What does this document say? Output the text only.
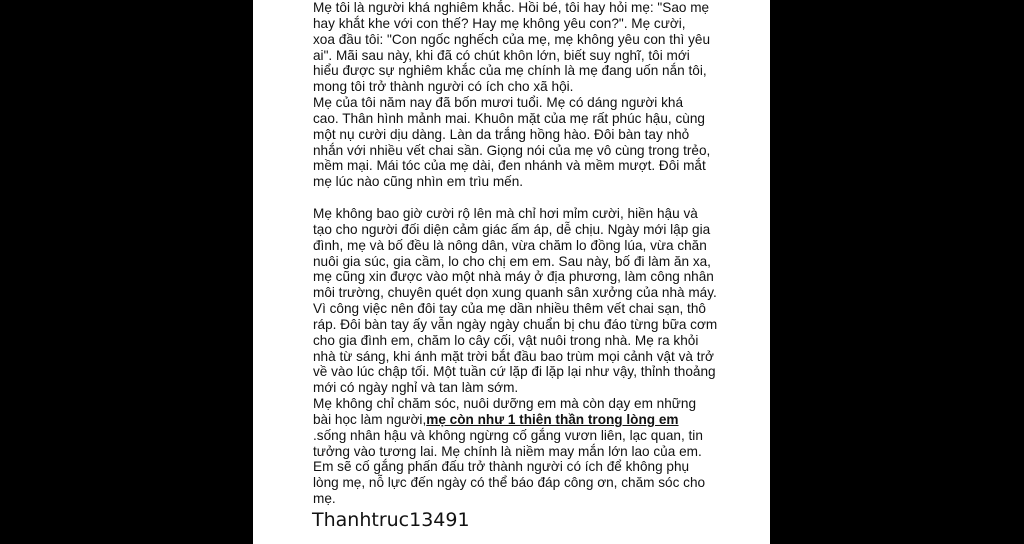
Mẹ tôi là người khá nghiêm khắc. Hồi bé, tôi hay hỏi mẹ: "Sao mẹ
hay khắt khe với con thế? Hay mẹ không yêu con?". Mẹ cười,
xoa đầu tôi: "Con ngốc nghếch của mẹ, mẹ không yêu con thì yêu
ai". Mãi sau này, khi đã có chút khôn lớn, biết suy nghĩ, tôi mới
hiểu được sự nghiêm khắc của mẹ chính là mẹ đang uốn nắn tôi,
mong tôi trở thành người có ích cho xã hội.
Mẹ của tôi năm nay đã bốn mươi tuổi. Mẹ có dáng người khá
cao. Thân hình mảnh mai. Khuôn mặt của mẹ rất phúc hậu, cùng
một nụ cười dịu dàng. Làn da trắng hồng hào. Đôi bàn tay nhỏ
nhắn với nhiều vết chai sần. Giọng nói của mẹ vô cùng trong trẻo,
mềm mại. Mái tóc của mẹ dài, đen nhánh và mềm mượt. Đôi mắt
mẹ lúc nào cũng nhìn em trìu mến.
Mẹ không bao giờ cười rộ lên mà chỉ hơi mỉm cười, hiền hậu và
tạo cho người đối diện cảm giác ấm áp, dễ chịu. Ngày mới lập gia
đình, mẹ và bố đều là nông dân, vừa chăm lo đồng lúa, vừa chăn
nuôi gia súc, gia cầm, lo cho chị em em. Sau này, bố đi làm ăn xa,
mẹ cũng xin được vào một nhà máy ở địa phương, làm công nhân
môi trường, chuyên quét dọn xung quanh sân xưởng của nhà máy.
Vì công việc nên đôi tay của mẹ dần nhiều thêm vết chai sạn, thô
ráp. Đôi bàn tay ấy vẫn ngày ngày chuẩn bị chu đáo từng bữa cơm
cho gia đình em, chăm lo cây cối, vật nuôi trong nhà. Mẹ ra khỏi
nhà từ sáng, khi ánh mặt trời bắt đầu bao trùm mọi cảnh vật và trở
về vào lúc chập tối. Một tuần cứ lặp đi lặp lại như vậy, thỉnh thoảng
mới có ngày nghỉ và tan làm sớm.
Mẹ không chỉ chăm sóc, nuôi dưỡng em mà còn dạy em những
bài học làm người,mẹ còn như 1 thiên thần trong lòng em
.sống nhân hậu và không ngừng cố gắng vươn liên, lạc quan, tin
tưởng vào tương lai. Mẹ chính là niềm may mắn lớn lao của em.
Em sẽ cố gắng phấn đấu trở thành người có ích để không phụ
lòng mẹ, nỗ lực đến ngày có thể báo đáp công ơn, chăm sóc cho
mẹ.
Thanhtruc13491
